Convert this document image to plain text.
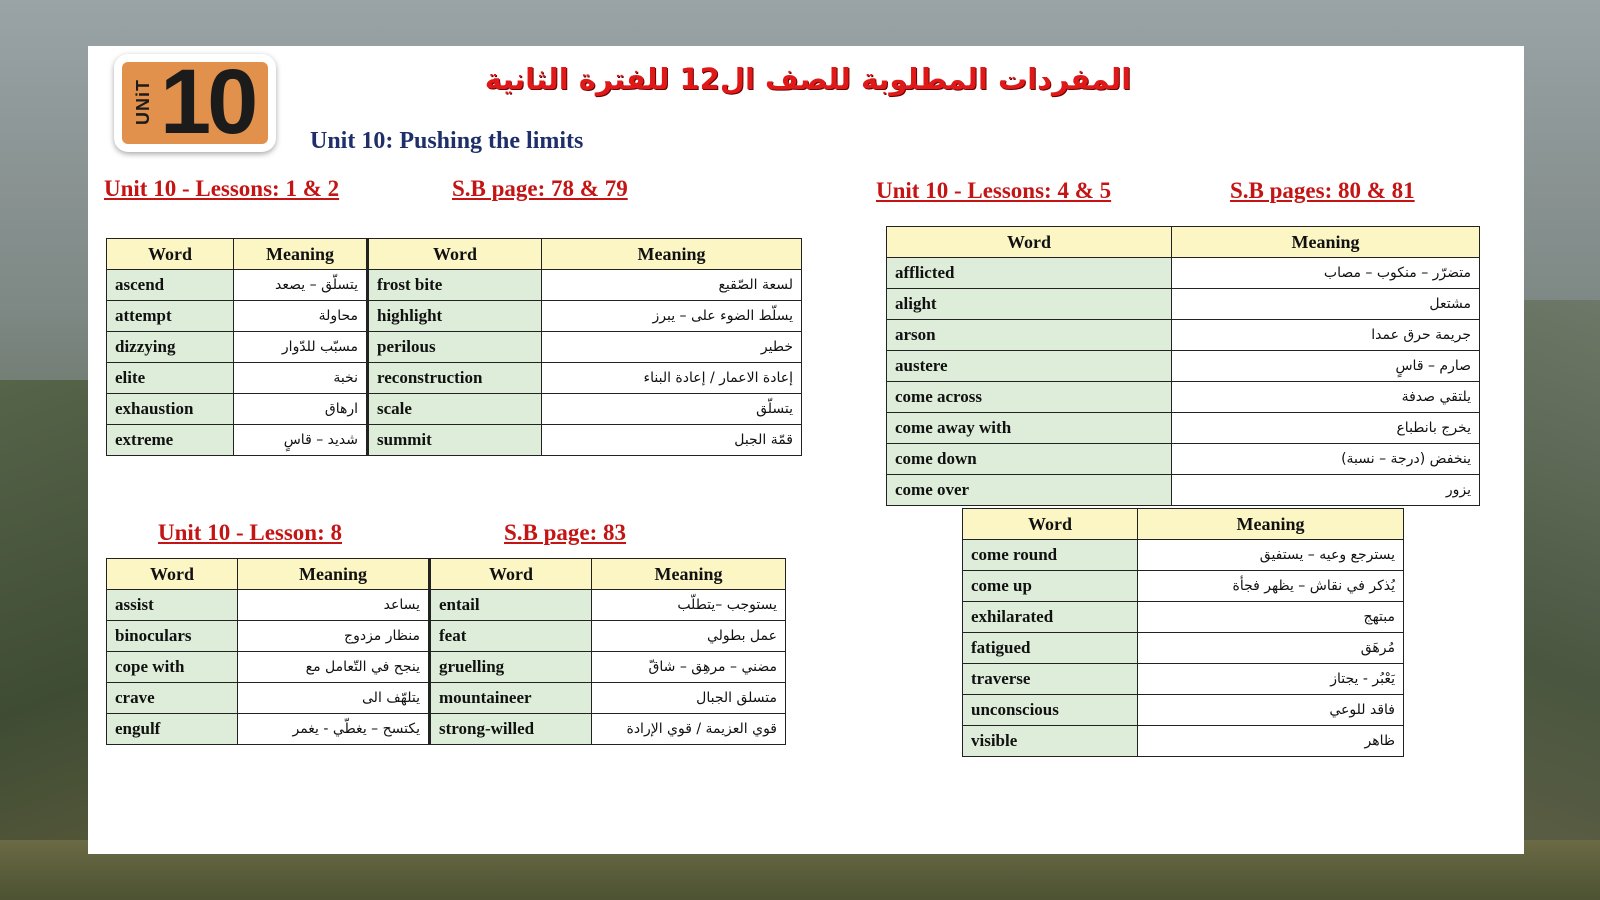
UNiT 10	المفردات المطلوبة للصف ال12 للفترة الثانية
Unit 10: Pushing the limits
Unit 10 - Lessons: 1 & 2	S.B page: 78 & 79
Word	Meaning	Word	Meaning
ascend	يتسلّق – يصعد	frost bite	لسعة الصّقيع
attempt	محاولة	highlight	يسلّط الضوء على – يبرز
dizzying	مسبّب للدّوار	perilous	خطير
elite	نخبة	reconstruction	إعادة الاعمار / إعادة البناء
exhaustion	ارهاق	scale	يتسلّق
extreme	شديد – قاسٍ	summit	قمّة الجبل
Unit 10 - Lesson: 8	S.B page: 83
Word	Meaning	Word	Meaning
assist	يساعد	entail	يستوجب –يتطلّب
binoculars	منظار مزدوج	feat	عمل بطولي
cope with	ينجح في التّعامل مع	gruelling	مضني – مرهِق – شاقّ
crave	يتلهّف الى	mountaineer	متسلق الجبال
engulf	يكتسح – يغطّي - يغمر	strong-willed	قوي العزيمة / قوي الإرادة
Unit 10 - Lessons: 4 & 5	S.B pages: 80 & 81
Word	Meaning
afflicted	متضرّر – منكوب – مصاب
alight	مشتعل
arson	جريمة حرق عمدا
austere	صارم – قاسٍ
come across	يلتقي صدفة
come away with	يخرج بانطباع
come down	ينخفض (درجة – نسبة)
come over	يزور
Word	Meaning
come round	يسترجع وعيه – يستفيق
come up	يُذكر في نقاش – يظهر فجأة
exhilarated	مبتهج
fatigued	مُرهَق
traverse	يَعْبُر - يجتاز
unconscious	فاقد للوعي
visible	ظاهر
